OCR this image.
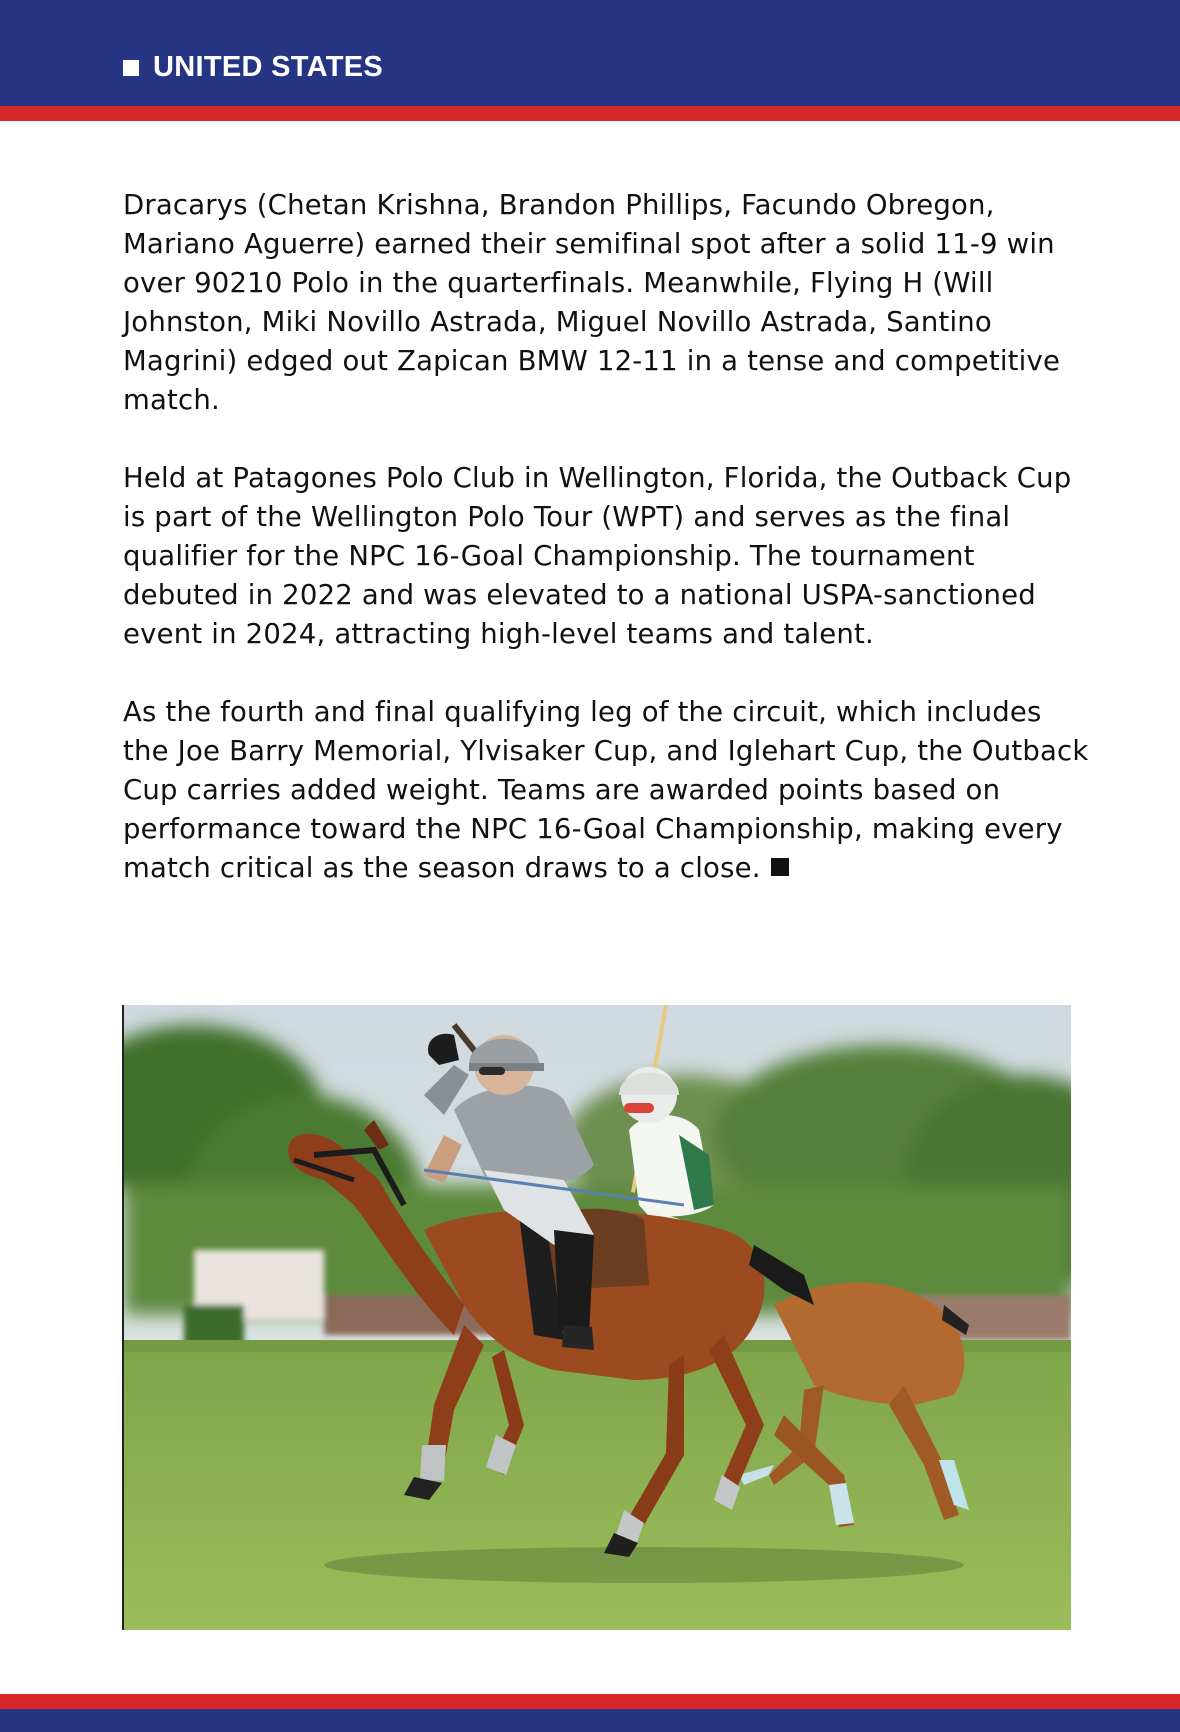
UNITED STATES

Dracarys (Chetan Krishna, Brandon Phillips, Facundo Obregon, Mariano Aguerre) earned their semifinal spot after a solid 11-9 win over 90210 Polo in the quarterfinals. Meanwhile, Flying H (Will Johnston, Miki Novillo Astrada, Miguel Novillo Astrada, Santino Magrini) edged out Zapican BMW 12-11 in a tense and competitive match.

Held at Patagones Polo Club in Wellington, Florida, the Outback Cup is part of the Wellington Polo Tour (WPT) and serves as the final qualifier for the NPC 16-Goal Championship. The tournament debuted in 2022 and was elevated to a national USPA-sanctioned event in 2024, attracting high-level teams and talent.

As the fourth and final qualifying leg of the circuit, which includes the Joe Barry Memorial, Ylvisaker Cup, and Iglehart Cup, the Outback Cup carries added weight. Teams are awarded points based on performance toward the NPC 16-Goal Championship, making every match critical as the season draws to a close.
